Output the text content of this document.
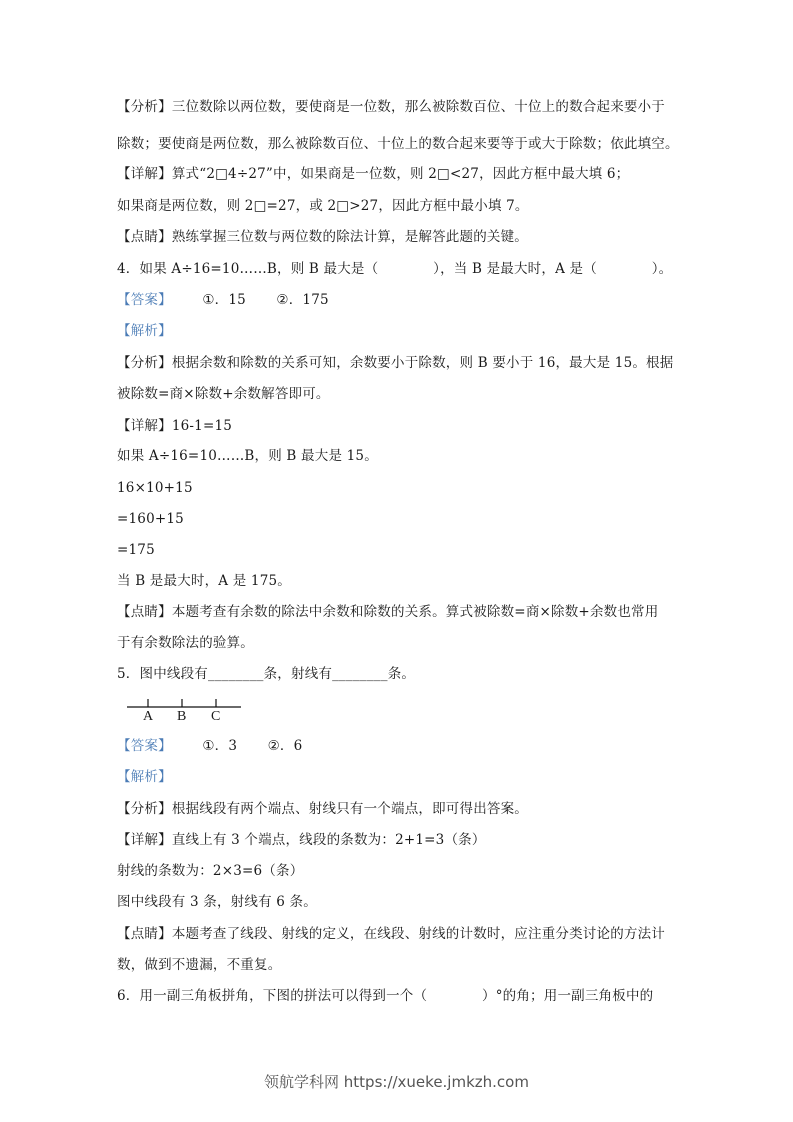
【分析】三位数除以两位数，要使商是一位数，那么被除数百位、十位上的数合起来要小于
除数；要使商是两位数，那么被除数百位、十位上的数合起来要等于或大于除数；依此填空。
【详解】算式“2□4÷27”中，如果商是一位数，则 2□<27，因此方框中最大填 6；
如果商是两位数，则 2□=27，或 2□>27，因此方框中最小填 7。
【点睛】熟练掌握三位数与两位数的除法计算，是解答此题的关键。
4．如果 A÷16=10……B，则 B 最大是（　　　　），当 B 是最大时，A 是（　　　　）。
【答案】 ①．15 ②．175
【解析】
【分析】根据余数和除数的关系可知，余数要小于除数，则 B 要小于 16，最大是 15。根据
被除数=商×除数+余数解答即可。
【详解】16-1=15
如果 A÷16=10……B，则 B 最大是 15。
16×10+15
=160+15
=175
当 B 是最大时，A 是 175。
【点睛】本题考查有余数的除法中余数和除数的关系。算式被除数=商×除数+余数也常用
于有余数除法的验算。
5．图中线段有________条，射线有________条。
A B C
【答案】 ①．3 ②．6
【解析】
【分析】根据线段有两个端点、射线只有一个端点，即可得出答案。
【详解】直线上有 3 个端点，线段的条数为：2+1=3（条）
射线的条数为：2×3=6（条）
图中线段有 3 条，射线有 6 条。
【点睛】本题考查了线段、射线的定义，在线段、射线的计数时，应注重分类讨论的方法计
数，做到不遗漏，不重复。
6．用一副三角板拼角，下图的拼法可以得到一个（　　　　）°的角；用一副三角板中的
领航学科网 https://xueke.jmkzh.com
